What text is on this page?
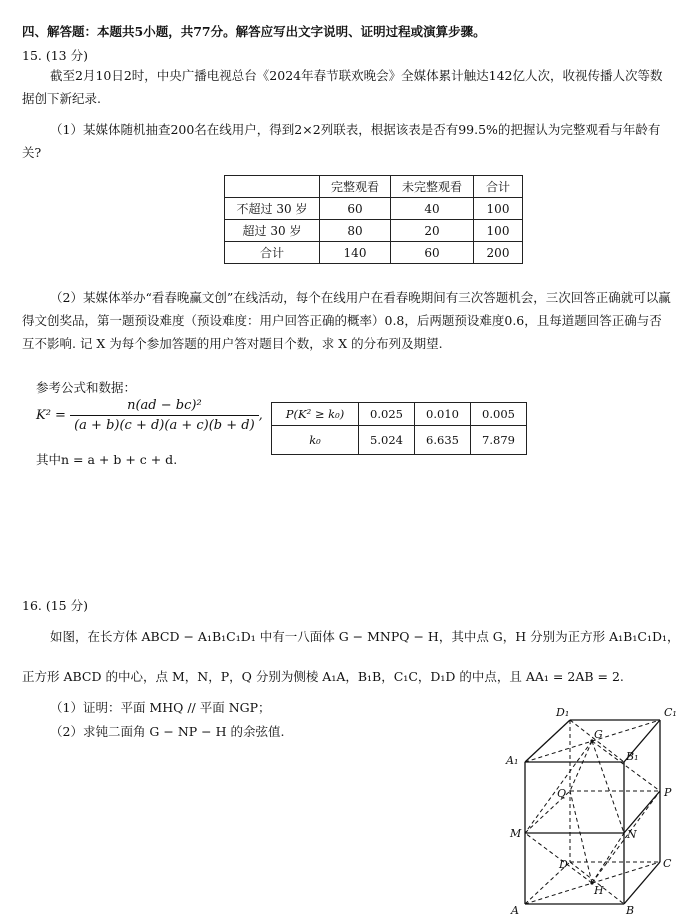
四、解答题：本题共5小题，共77分。解答应写出文字说明、证明过程或演算步骤。
15. (13 分)

截至2月10日2时，中央广播电视总台《2024年春节联欢晚会》全媒体累计触达142亿人次，收视传播人次等数据创下新纪录.

（1）某媒体随机抽查200名在线用户，得到2×2列联表，根据该表是否有99.5%的把握认为完整观看与年龄有关?

	完整观看	未完整观看	合计
不超过 30 岁	60	40	100
超过 30 岁	80	20	100
合计	140	60	200

（2）某媒体举办“看春晚赢文创”在线活动，每个在线用户在看春晚期间有三次答题机会，三次回答正确就可以赢得文创奖品，第一题预设难度（预设难度：用户回答正确的概率）0.8，后两题预设难度0.6，且每道题回答正确与否互不影响. 记 X 为每个参加答题的用户答对题目个数，求 X 的分布列及期望.

参考公式和数据：
$K^2 = \frac{\text{n(ad − bc)²}}{(a + b)(c + d)(a + c)(b + d)}$ ,
其中n = a + b + c + d.
P(K² ≥ k₀)	0.025	0.010	0.005
k₀	5.024	6.635	7.879
16. (15 分)
如图，在长方体 ABCD − A₁B₁C₁D₁ 中有一八面体 G − MNPQ − H，其中点 G，H 分别为正方形 A₁B₁C₁D₁，
正方形 ABCD 的中心，点 M，N，P，Q 分别为侧棱 A₁A，B₁B，C₁C，D₁D 的中点，且 AA₁ = 2AB = 2.
（1）证明：平面 MHQ // 平面 NGP；
（2）求钝二面角 G − NP − H 的余弦值.
D₁	C₁
A₁	B₁
G
Q	P
M	N
D	C
H
A	B
